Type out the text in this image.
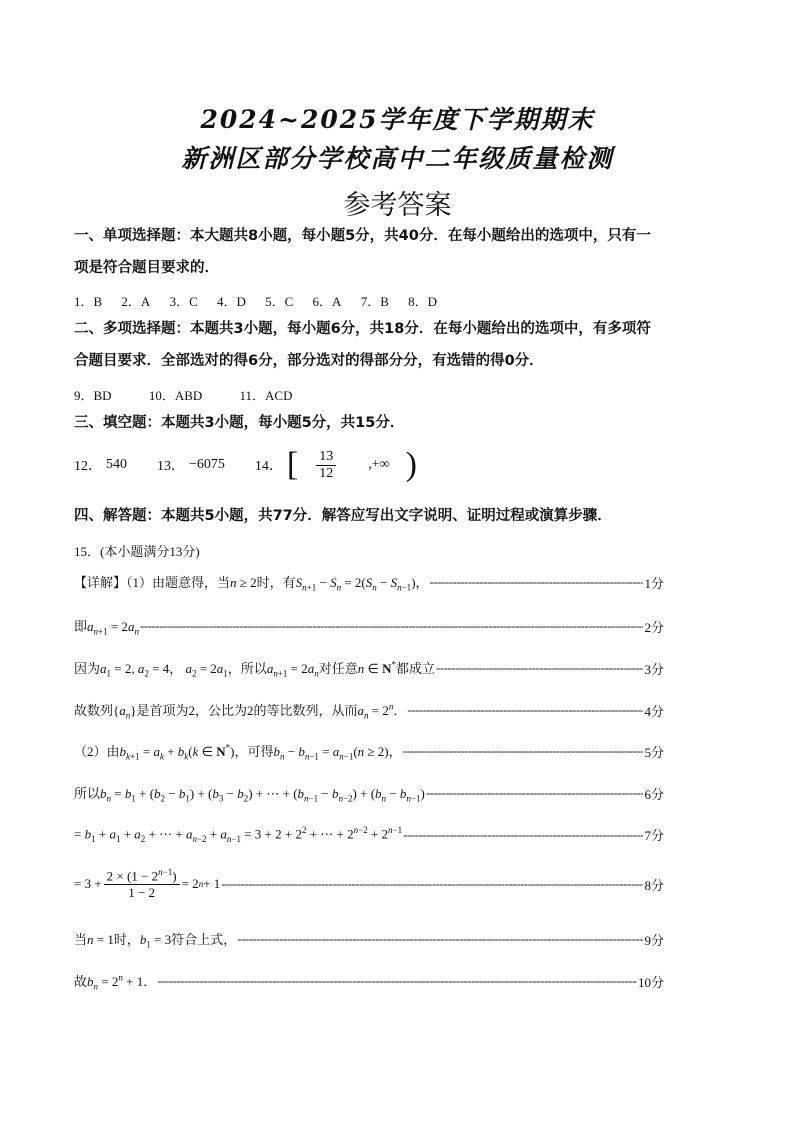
2024~2025学年度下学期期末
新洲区部分学校高中二年级质量检测
参考答案
一、单项选择题：本大题共8小题，每小题5分，共40分．在每小题给出的选项中，只有一
项是符合题目要求的．
1．B 2．A 3．C 4．D 5．C 6．A 7．B 8．D
二、多项选择题：本题共3小题，每小题6分，共18分．在每小题给出的选项中，有多项符
合题目要求．全部选对的得6分，部分选对的得部分分，有选错的得0分．
9．BD	10．ABD	11．ACD
三、填空题：本题共3小题，每小题5分，共15分．
12． 540 13． −6075 14． [ $\frac{13}{12}$ ,+∞ )
四、解答题：本题共5小题，共77分．解答应写出文字说明、证明过程或演算步骤．
15．(本小题满分13分)
【详解】（1）由题意得，当n ≥ 2时，有$S_{n+1} - S_n = 2(S_n - S_{n-1})$， -----	1分
即$a_{n+1} = 2a_n$ -----	2分
因为$a_1 = 2$, $a_2 = 4$， $a_2 = 2a_1$，所以$a_{n+1} = 2a_n$对任意n ∈ N*都成立 -----	3分
故数列$\{a_n\}$是首项为2，公比为2的等比数列，从而$a_n = 2^n$． -----	4分
（2）由$b_{k+1} = a_k + b_k(k$ ∈ N*)，可得$b_n - b_{n-1} = a_{n-1}(n \ge 2)$， -----	5分
所以$b_n = b_1 + (b_2 - b_1) + (b_3 - b_2)$ + ⋯ + $(b_{n-1} - b_{n-2}) + (b_n - b_{n-1})$ -----	6分
= $b_1 + a_1 + a_2$ + ⋯ + $a_{n-2} + a_{n-1} = 3 + 2 + 2^2$ + ⋯ + $2^{n-2} + 2^{n-1}$ -----	7分
= $3 + \frac{2 \times (1 - 2^{n-1})}{1 - 2} = 2$ n + 1 -----	8分
当n = 1时，$b_1 = 3$符合上式， -----	9分
故$b_n = 2^n + 1$． -----	10分
